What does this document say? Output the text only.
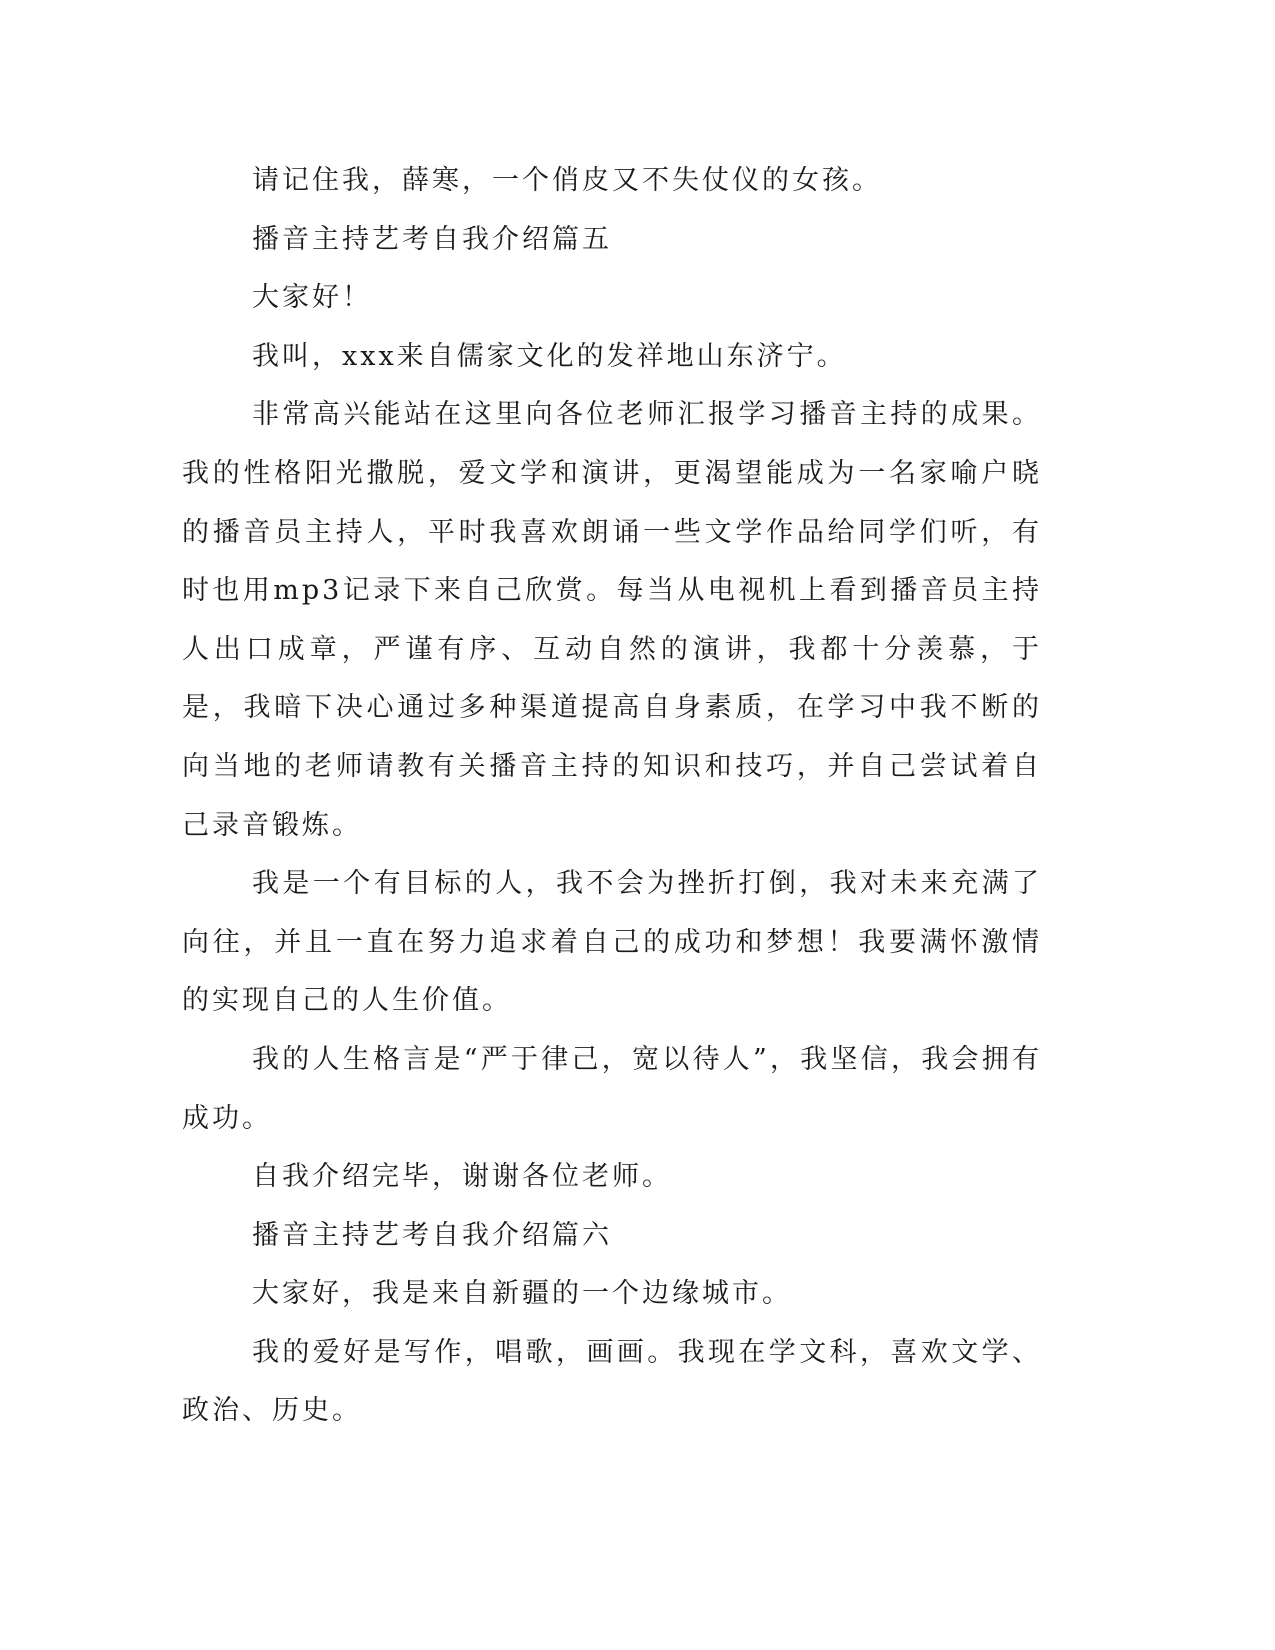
请记住我，薛寒，一个俏皮又不失仗仪的女孩。

播音主持艺考自我介绍篇五

大家好！

我叫，xxx来自儒家文化的发祥地山东济宁。

非常高兴能站在这里向各位老师汇报学习播音主持的成果。我的性格阳光撒脱，爱文学和演讲，更渴望能成为一名家喻户晓的播音员主持人，平时我喜欢朗诵一些文学作品给同学们听，有时也用mp3记录下来自己欣赏。每当从电视机上看到播音员主持人出口成章，严谨有序、互动自然的演讲，我都十分羡慕，于是，我暗下决心通过多种渠道提高自身素质，在学习中我不断的向当地的老师请教有关播音主持的知识和技巧，并自己尝试着自己录音锻炼。

我是一个有目标的人，我不会为挫折打倒，我对未来充满了向往，并且一直在努力追求着自己的成功和梦想！我要满怀激情的实现自己的人生价值。

我的人生格言是“严于律己，宽以待人”，我坚信，我会拥有成功。

自我介绍完毕，谢谢各位老师。

播音主持艺考自我介绍篇六

大家好，我是来自新疆的一个边缘城市。

我的爱好是写作，唱歌，画画。我现在学文科，喜欢文学、政治、历史。
